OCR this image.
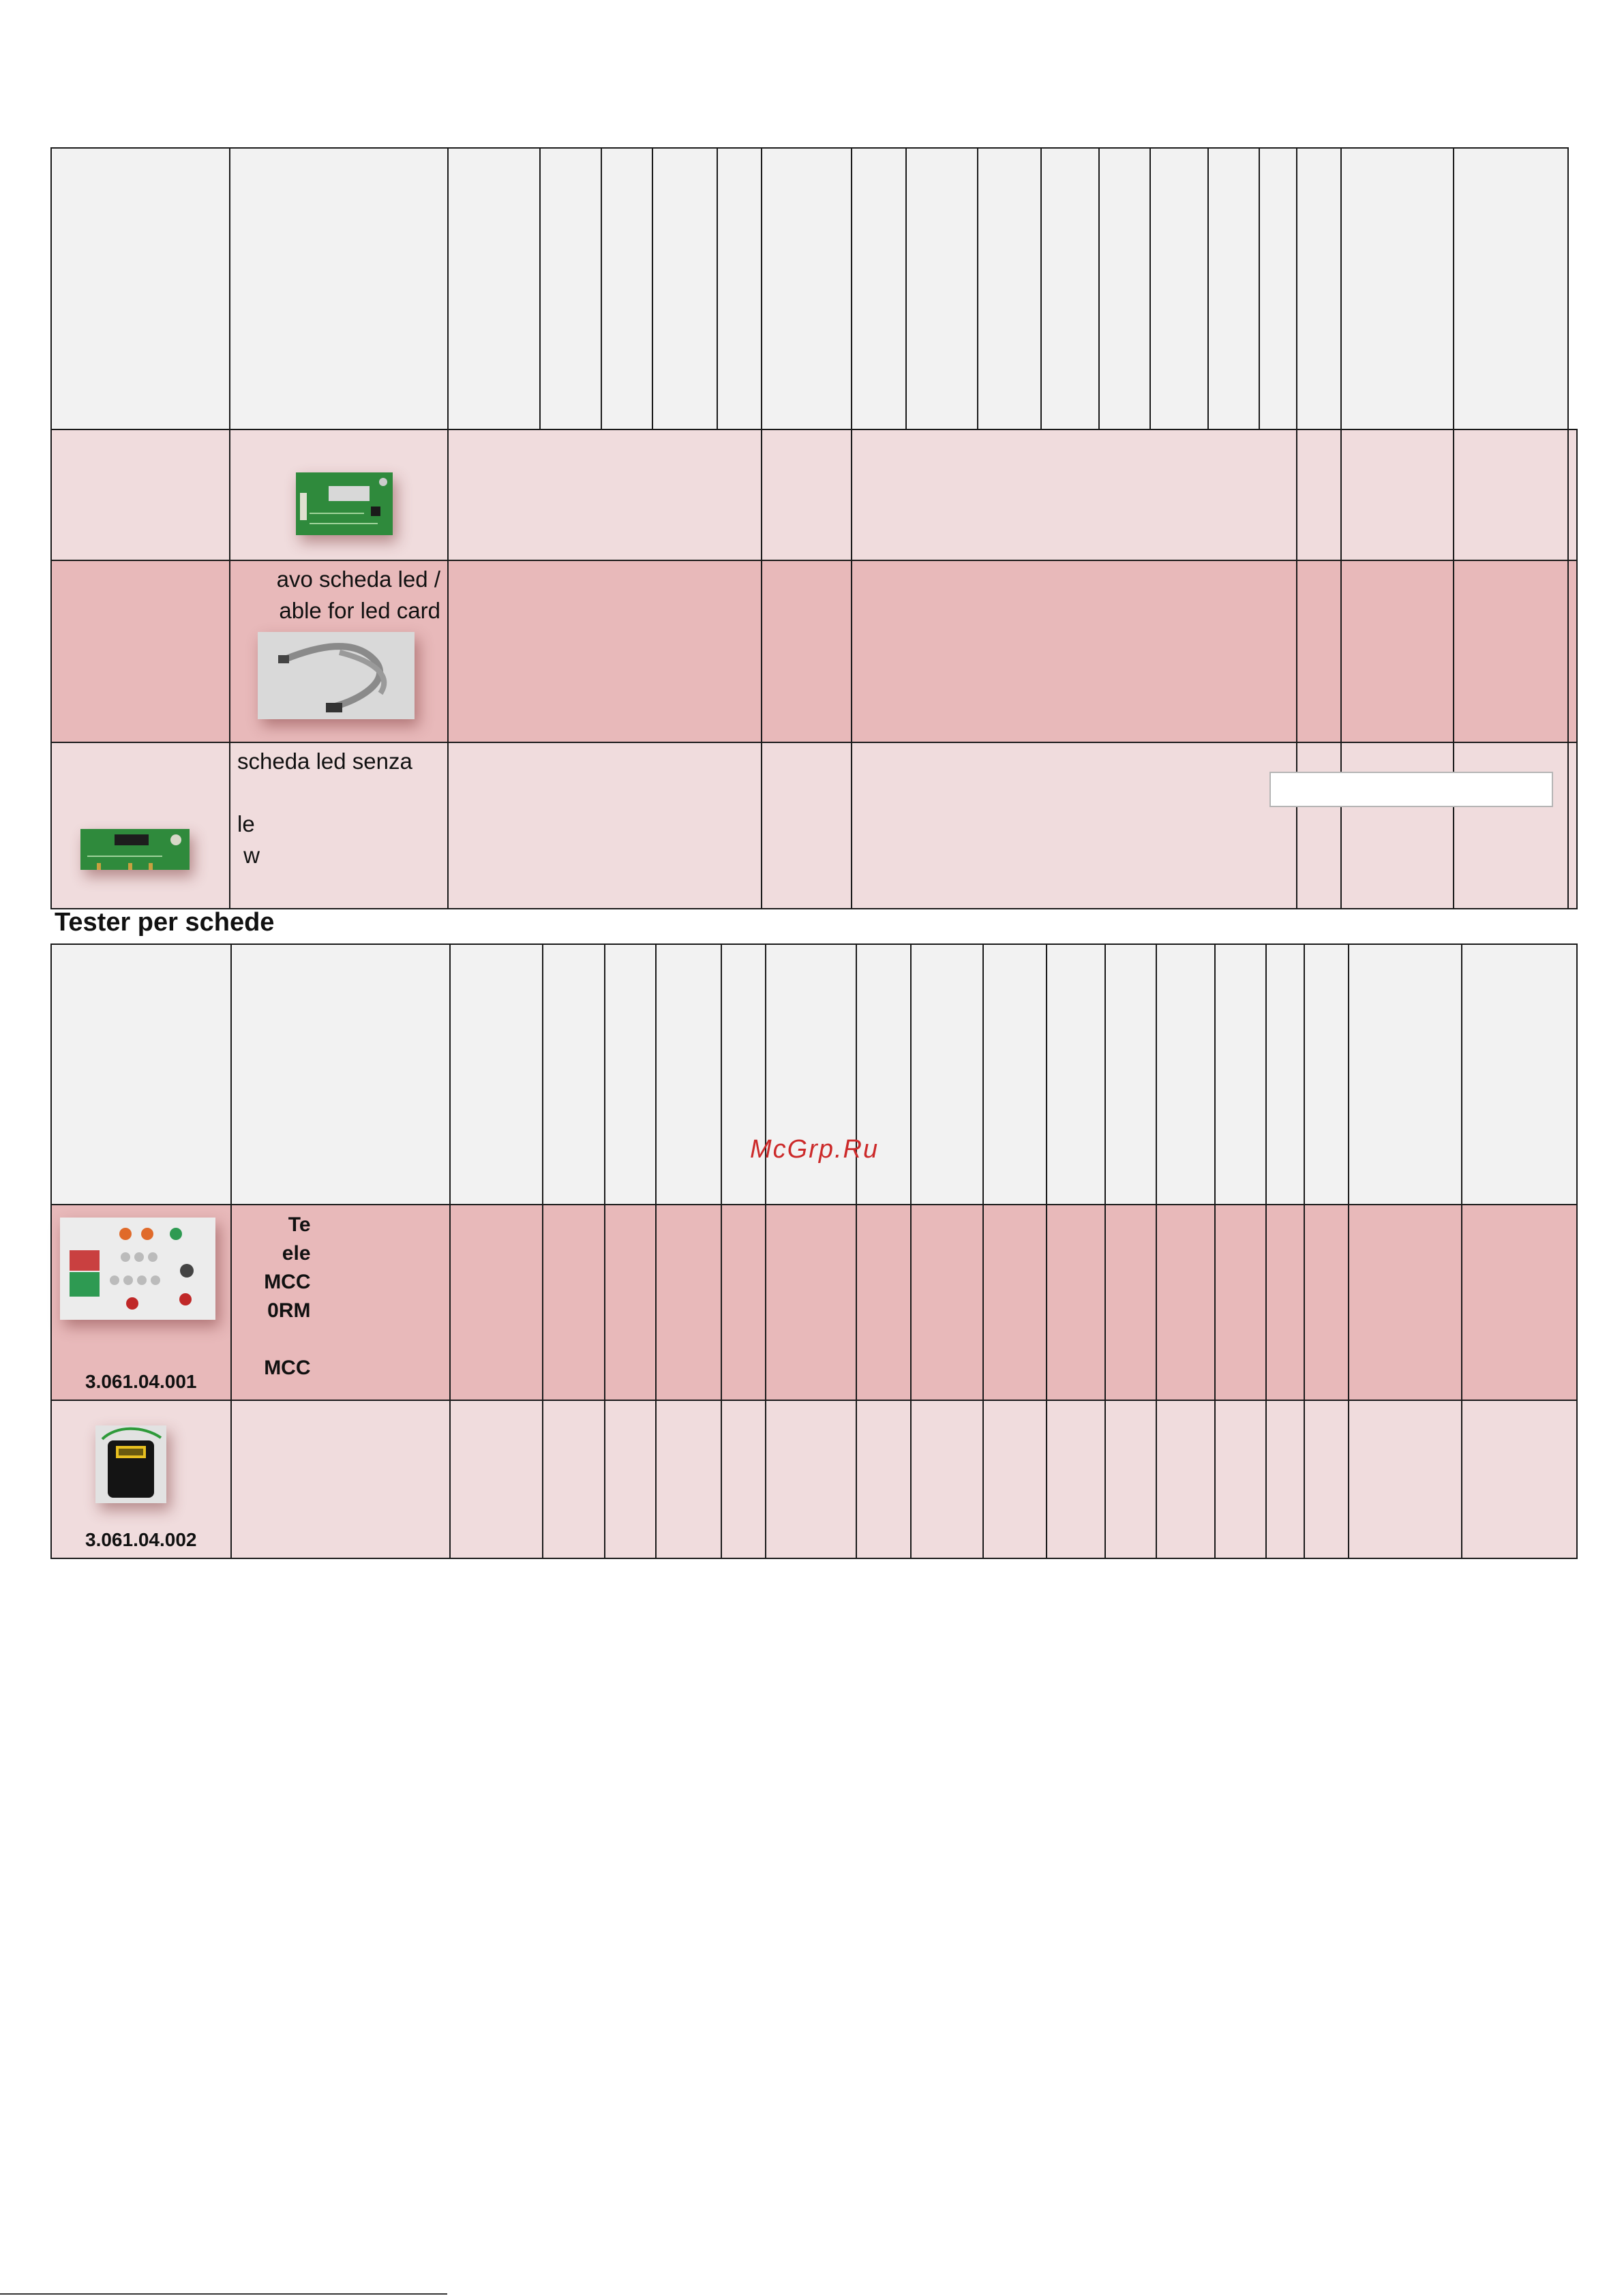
	avo scheda led /
able for led card																		

scheda led senza

le
w																		

Tester per schede

3.061.04.001	Te
ele
MCC
0RM

MCC																	

3.061.04.002																		

McGrp.Ru
